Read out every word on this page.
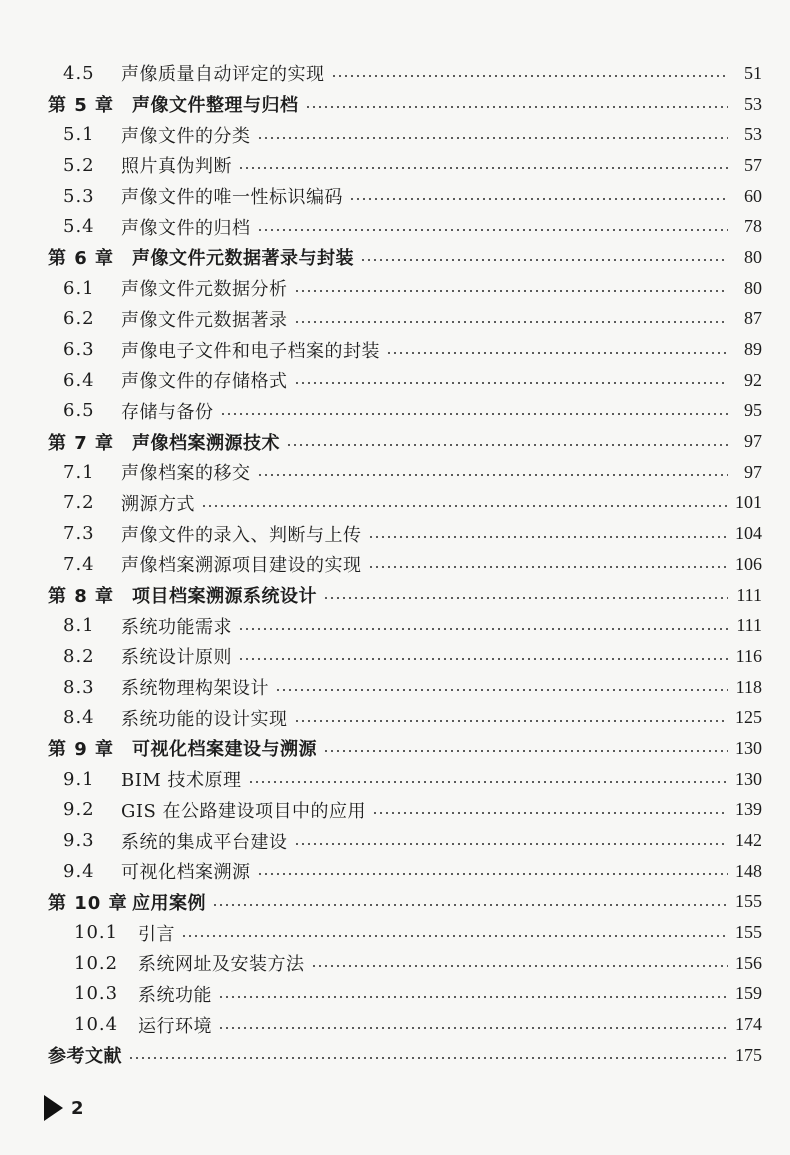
4.5	声像质量自动评定的实现	51
第 5 章 声像文件整理与归档	53
5.1	声像文件的分类	53
5.2	照片真伪判断	57
5.3	声像文件的唯一性标识编码	60
5.4	声像文件的归档	78
第 6 章 声像文件元数据著录与封装	80
6.1	声像文件元数据分析	80
6.2	声像文件元数据著录	87
6.3	声像电子文件和电子档案的封装	89
6.4	声像文件的存储格式	92
6.5	存储与备份	95
第 7 章 声像档案溯源技术	97
7.1	声像档案的移交	97
7.2	溯源方式	101
7.3	声像文件的录入、判断与上传	104
7.4	声像档案溯源项目建设的实现	106
第 8 章 项目档案溯源系统设计	111
8.1	系统功能需求	111
8.2	系统设计原则	116
8.3	系统物理构架设计	118
8.4	系统功能的设计实现	125
第 9 章 可视化档案建设与溯源	130
9.1	BIM 技术原理	130
9.2	GIS 在公路建设项目中的应用	139
9.3	系统的集成平台建设	142
9.4	可视化档案溯源	148
第 10 章 应用案例	155
10.1	引言	155
10.2	系统网址及安装方法	156
10.3	系统功能	159
10.4	运行环境	174
参考文献	175
2
